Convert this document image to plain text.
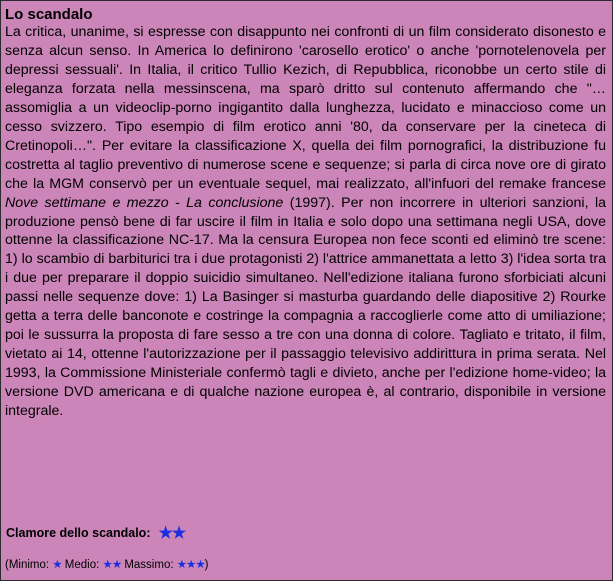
Lo scandalo

La critica, unanime, si espresse con disappunto nei confronti di un film considerato disonesto e senza alcun senso. In America lo definirono 'carosello erotico' o anche 'pornotelenovela per depressi sessuali'. In Italia, il critico Tullio Kezich, di Repubblica, riconobbe un certo stile di eleganza forzata nella messinscena, ma sparò dritto sul contenuto affermando che "…assomiglia a un videoclip-porno ingigantito dalla lunghezza, lucidato e minaccioso come un cesso svizzero. Tipo esempio di film erotico anni '80, da conservare per la cineteca di Cretinopoli…". Per evitare la classificazione X, quella dei film pornografici, la distribuzione fu costretta al taglio preventivo di numerose scene e sequenze; si parla di circa nove ore di girato che la MGM conservò per un eventuale sequel, mai realizzato, all'infuori del remake francese Nove settimane e mezzo - La conclusione (1997). Per non incorrere in ulteriori sanzioni, la produzione pensò bene di far uscire il film in Italia e solo dopo una settimana negli USA, dove ottenne la classificazione NC-17. Ma la censura Europea non fece sconti ed eliminò tre scene: 1) lo scambio di barbiturici tra i due protagonisti 2) l'attrice ammanettata a letto 3) l'idea sorta tra i due per preparare il doppio suicidio simultaneo. Nell'edizione italiana furono sforbiciati alcuni passi nelle sequenze dove: 1) La Basinger si masturba guardando delle diapositive 2) Rourke getta a terra delle banconote e costringe la compagnia a raccoglierle come atto di umiliazione; poi le sussurra la proposta di fare sesso a tre con una donna di colore. Tagliato e tritato, il film, vietato ai 14, ottenne l'autorizzazione per il passaggio televisivo addirittura in prima serata. Nel 1993, la Commissione Ministeriale confermò tagli e divieto, anche per l'edizione home-video; la versione DVD americana e di qualche nazione europea è, al contrario, disponibile in versione integrale.

Clamore dello scandalo: ★★
(Minimo: ★ Medio: ★★ Massimo: ★★★)
